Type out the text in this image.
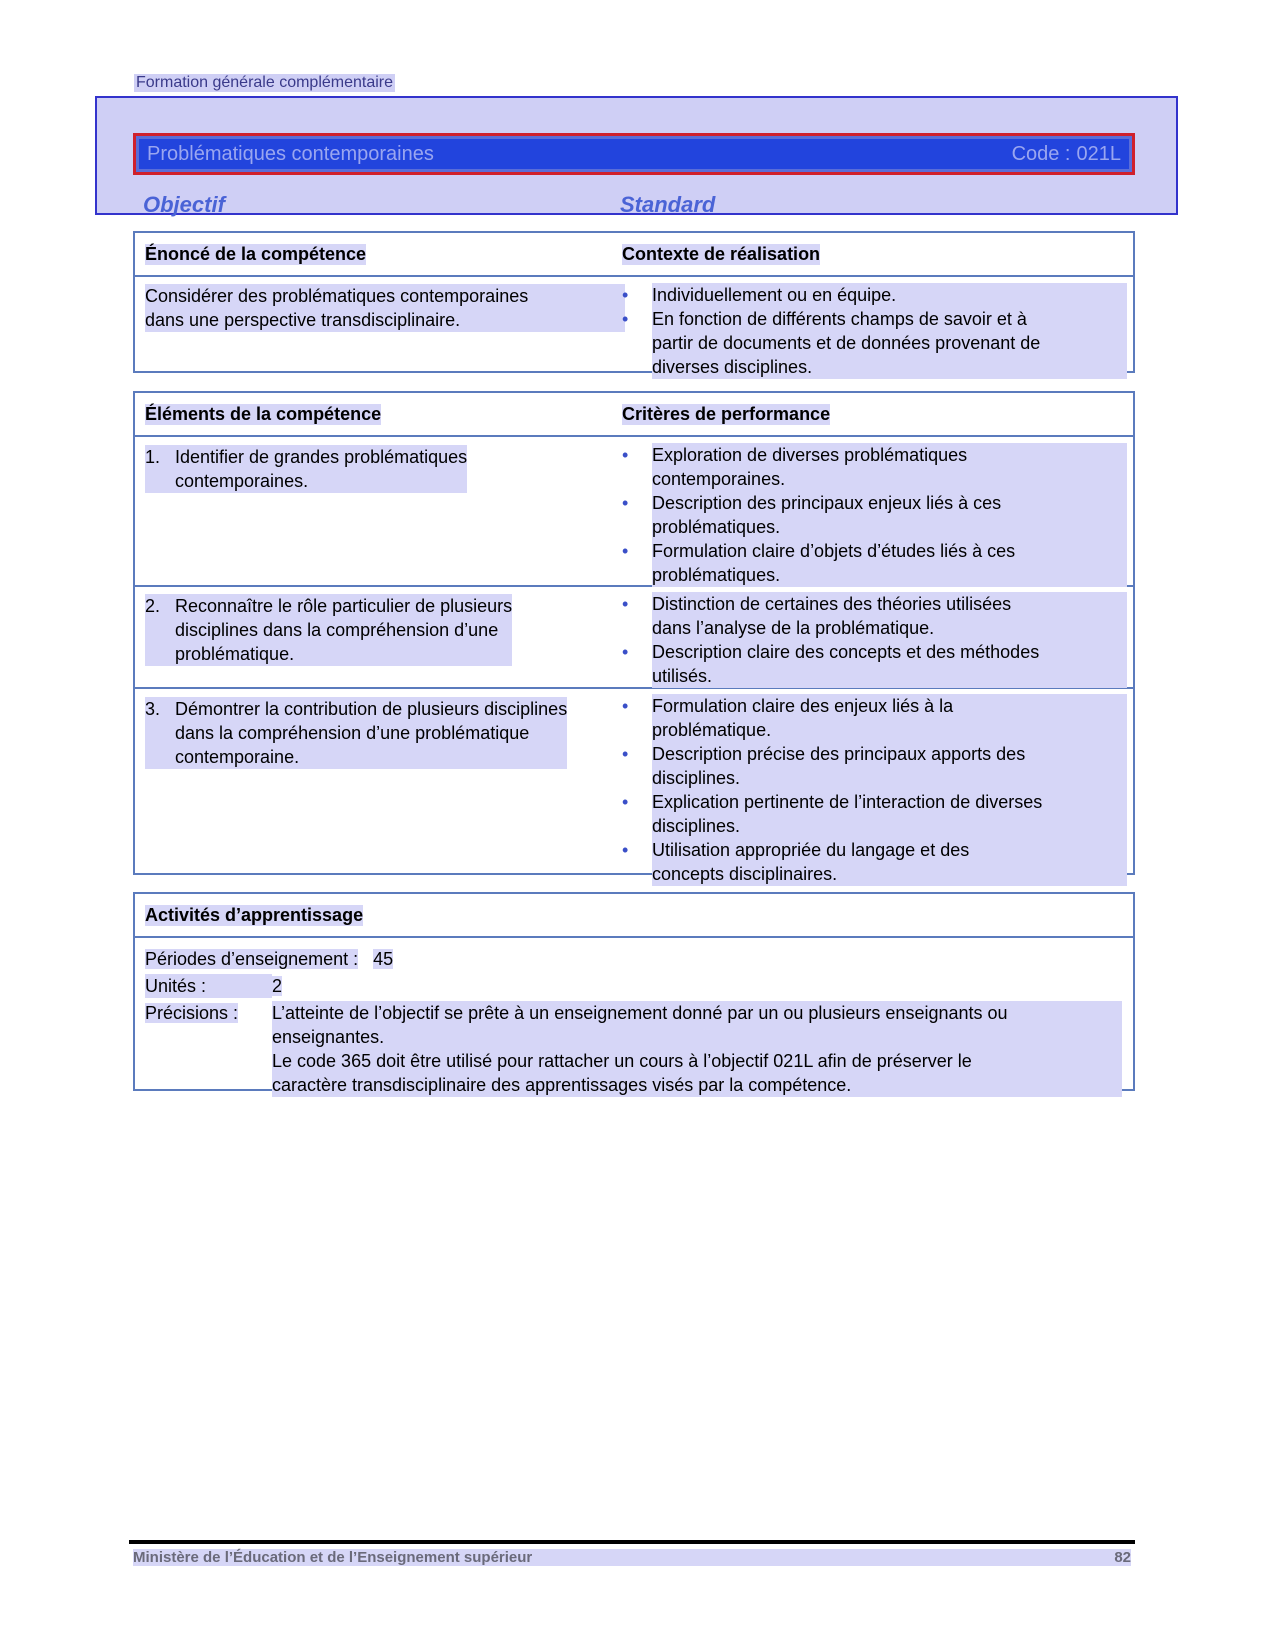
Formation générale complémentaire
Problématiques contemporaines	Code : 021L
Objectif	Standard
Énoncé de la compétence	Contexte de réalisation
Considérer des problématiques contemporaines
dans une perspective transdisciplinaire.
• Individuellement ou en équipe.
• En fonction de différents champs de savoir et à
partir de documents et de données provenant de
diverses disciplines.
Éléments de la compétence	Critères de performance
1. Identifier de grandes problématiques
contemporaines.
• Exploration de diverses problématiques
contemporaines.
• Description des principaux enjeux liés à ces
problématiques.
• Formulation claire d’objets d’études liés à ces
problématiques.
2. Reconnaître le rôle particulier de plusieurs
disciplines dans la compréhension d’une
problématique.
• Distinction de certaines des théories utilisées
dans l’analyse de la problématique.
• Description claire des concepts et des méthodes
utilisés.
3. Démontrer la contribution de plusieurs disciplines
dans la compréhension d’une problématique
contemporaine.
• Formulation claire des enjeux liés à la
problématique.
• Description précise des principaux apports des
disciplines.
• Explication pertinente de l’interaction de diverses
disciplines.
• Utilisation appropriée du langage et des
concepts disciplinaires.
Activités d’apprentissage
Périodes d’enseignement : 45
Unités :	2
Précisions : L’atteinte de l’objectif se prête à un enseignement donné par un ou plusieurs enseignants ou
enseignantes.
Le code 365 doit être utilisé pour rattacher un cours à l’objectif 021L afin de préserver le
caractère transdisciplinaire des apprentissages visés par la compétence.
Ministère de l’Éducation et de l’Enseignement supérieur	82
